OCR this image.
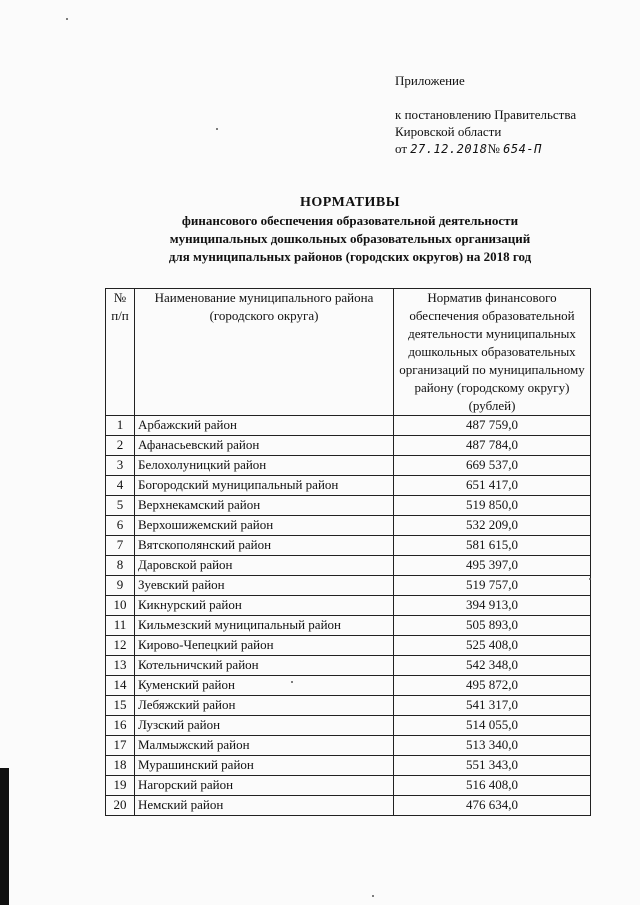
Приложение
к постановлению Правительства
Кировской области
от 27.12.2018№ 654-П
НОРМАТИВЫ
финансового обеспечения образовательной деятельности
муниципальных дошкольных образовательных организаций
для муниципальных районов (городских округов) на 2018 год
№ п/п	Наименование муниципального района (городского округа)	Норматив финансового обеспечения образовательной деятельности муниципальных дошкольных образовательных организаций по муниципальному району (городскому округу) (рублей)
1	Арбажский район	487 759,0
2	Афанасьевский район	487 784,0
3	Белохолуницкий район	669 537,0
4	Богородский муниципальный район	651 417,0
5	Верхнекамский район	519 850,0
6	Верхошижемский район	532 209,0
7	Вятскополянский район	581 615,0
8	Даровской район	495 397,0
9	Зуевский район	519 757,0
10	Кикнурский район	394 913,0
11	Кильмезский муниципальный район	505 893,0
12	Кирово-Чепецкий район	525 408,0
13	Котельничский район	542 348,0
14	Куменский район	495 872,0
15	Лебяжский район	541 317,0
16	Лузский район	514 055,0
17	Малмыжский район	513 340,0
18	Мурашинский район	551 343,0
19	Нагорский район	516 408,0
20	Немский район	476 634,0
